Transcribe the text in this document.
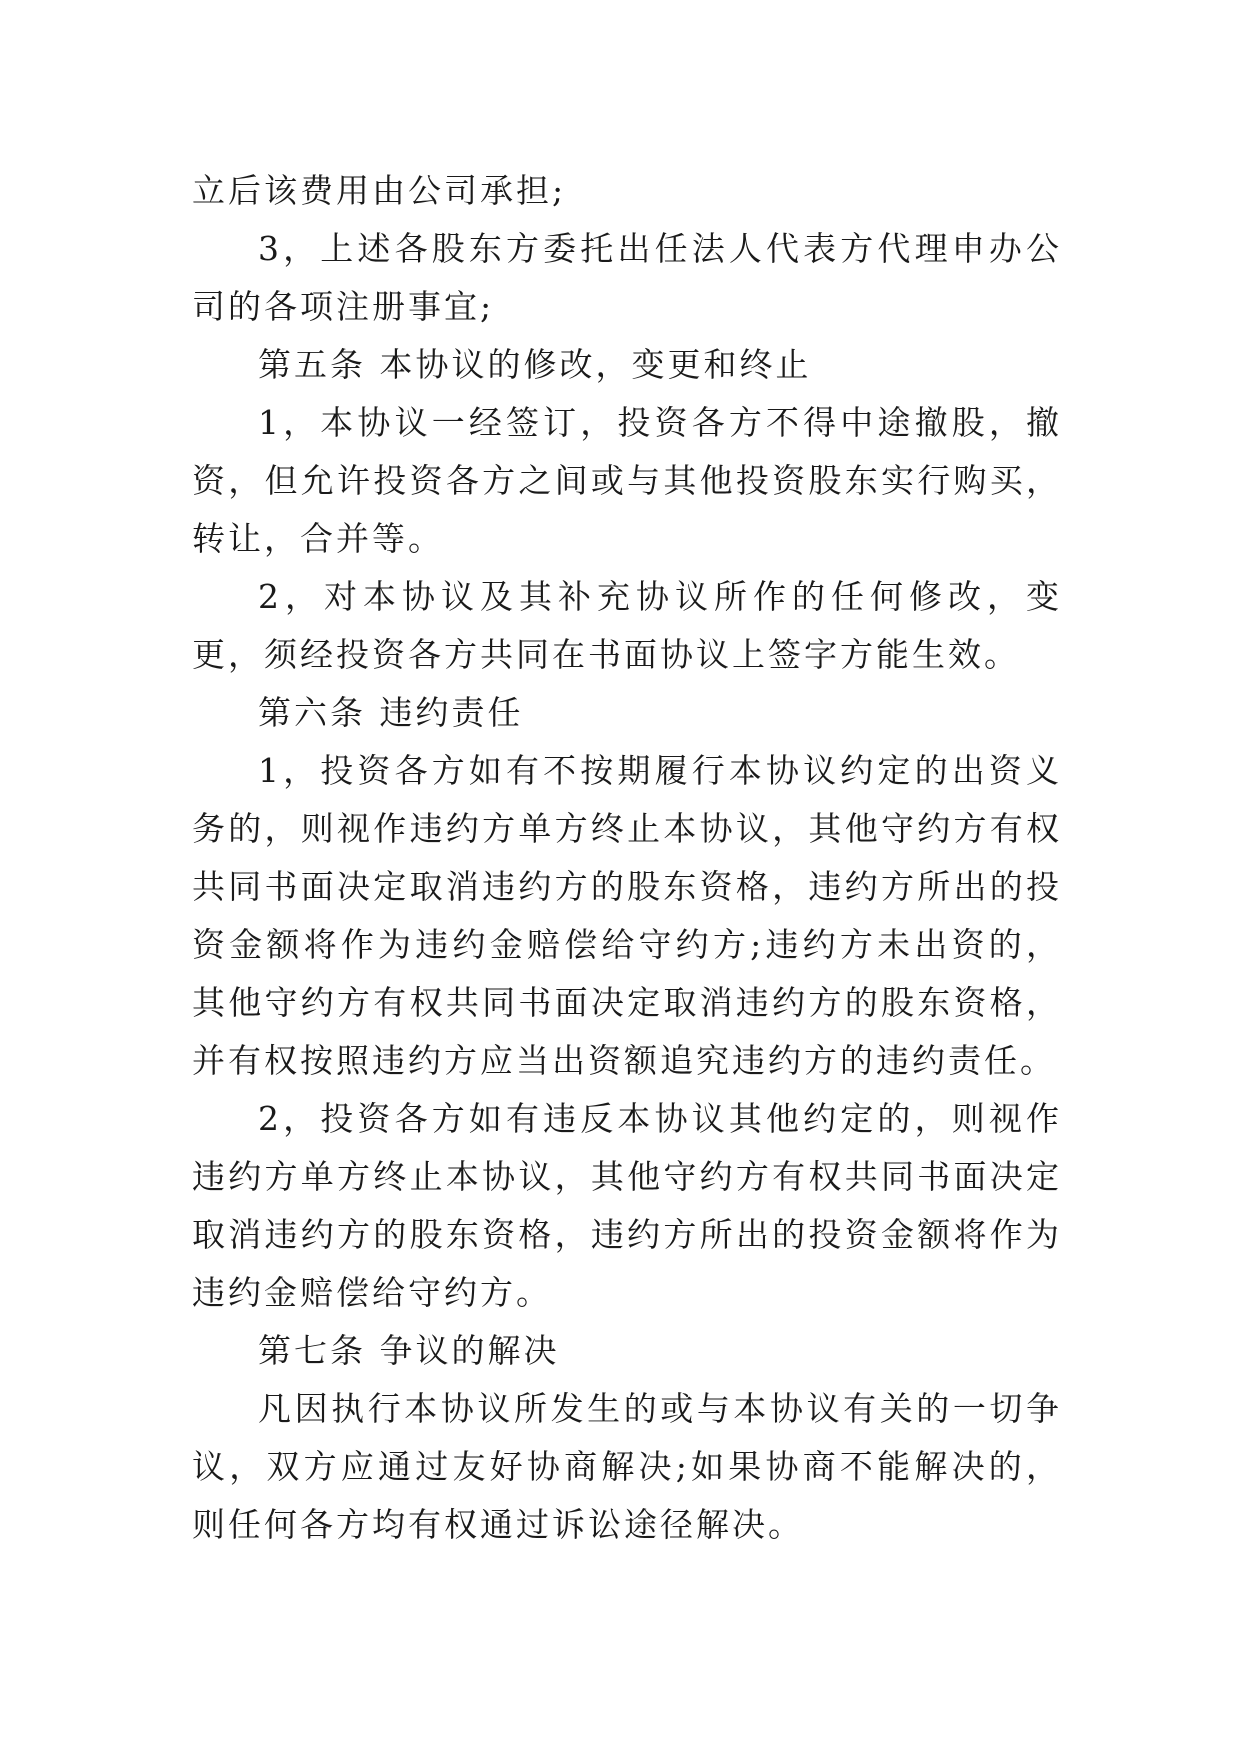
立后该费用由公司承担;

3，上述各股东方委托出任法人代表方代理申办公司的各项注册事宜;

第五条 本协议的修改，变更和终止

1，本协议一经签订，投资各方不得中途撤股，撤资，但允许投资各方之间或与其他投资股东实行购买，转让，合并等。

2，对本协议及其补充协议所作的任何修改，变更，须经投资各方共同在书面协议上签字方能生效。

第六条 违约责任

1，投资各方如有不按期履行本协议约定的出资义务的，则视作违约方单方终止本协议，其他守约方有权共同书面决定取消违约方的股东资格，违约方所出的投资金额将作为违约金赔偿给守约方;违约方未出资的，其他守约方有权共同书面决定取消违约方的股东资格，并有权按照违约方应当出资额追究违约方的违约责任。

2，投资各方如有违反本协议其他约定的，则视作违约方单方终止本协议，其他守约方有权共同书面决定取消违约方的股东资格，违约方所出的投资金额将作为违约金赔偿给守约方。

第七条 争议的解决

凡因执行本协议所发生的或与本协议有关的一切争议，双方应通过友好协商解决;如果协商不能解决的，则任何各方均有权通过诉讼途径解决。
